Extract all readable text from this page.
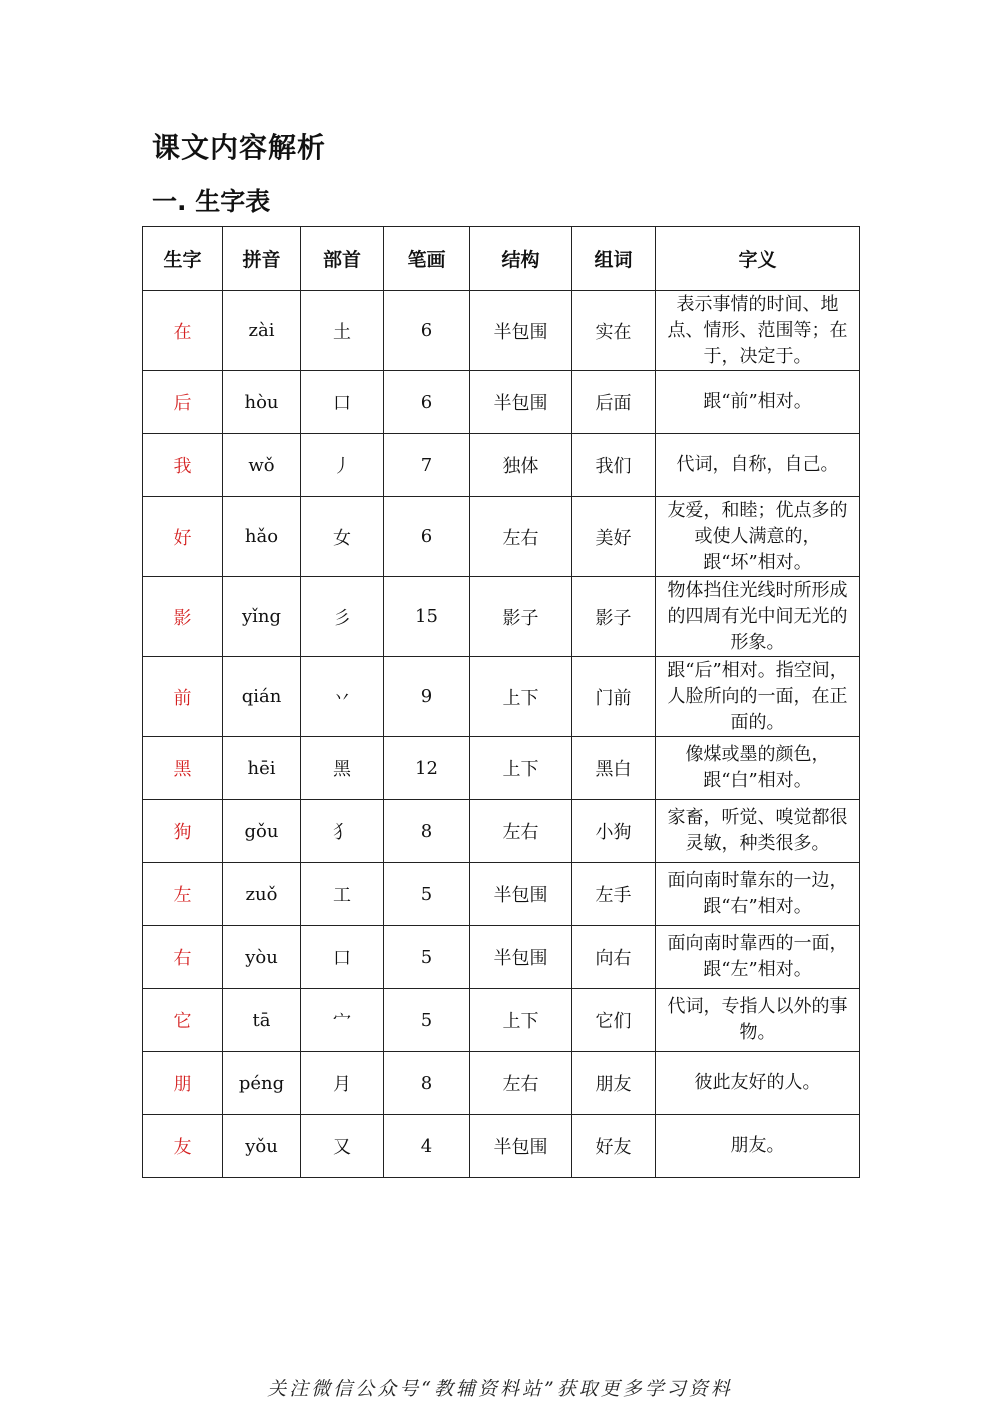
课文内容解析
一. 生字表
生字	拼音	部首	笔画	结构	组词	字义
在	zài	土	6	半包围	实在	表示事情的时间、地点、情形、范围等；在于，决定于。
后	hòu	口	6	半包围	后面	跟“前”相对。
我	wǒ	丿	7	独体	我们	代词，自称，自己。
好	hǎo	女	6	左右	美好	友爱，和睦；优点多的或使人满意的，跟“坏”相对。
影	yǐng	彡	15	影子	影子	物体挡住光线时所形成的四周有光中间无光的形象。
前	qián	丷	9	上下	门前	跟“后”相对。指空间，人脸所向的一面，在正面的。
黑	hēi	黑	12	上下	黑白	像煤或墨的颜色，跟“白”相对。
狗	gǒu	犭	8	左右	小狗	家畜，听觉、嗅觉都很灵敏，种类很多。
左	zuǒ	工	5	半包围	左手	面向南时靠东的一边，跟“右”相对。
右	yòu	口	5	半包围	向右	面向南时靠西的一面，跟“左”相对。
它	tā	宀	5	上下	它们	代词，专指人以外的事物。
朋	péng	月	8	左右	朋友	彼此友好的人。
友	yǒu	又	4	半包围	好友	朋友。
关注微信公众号“教辅资料站”获取更多学习资料
